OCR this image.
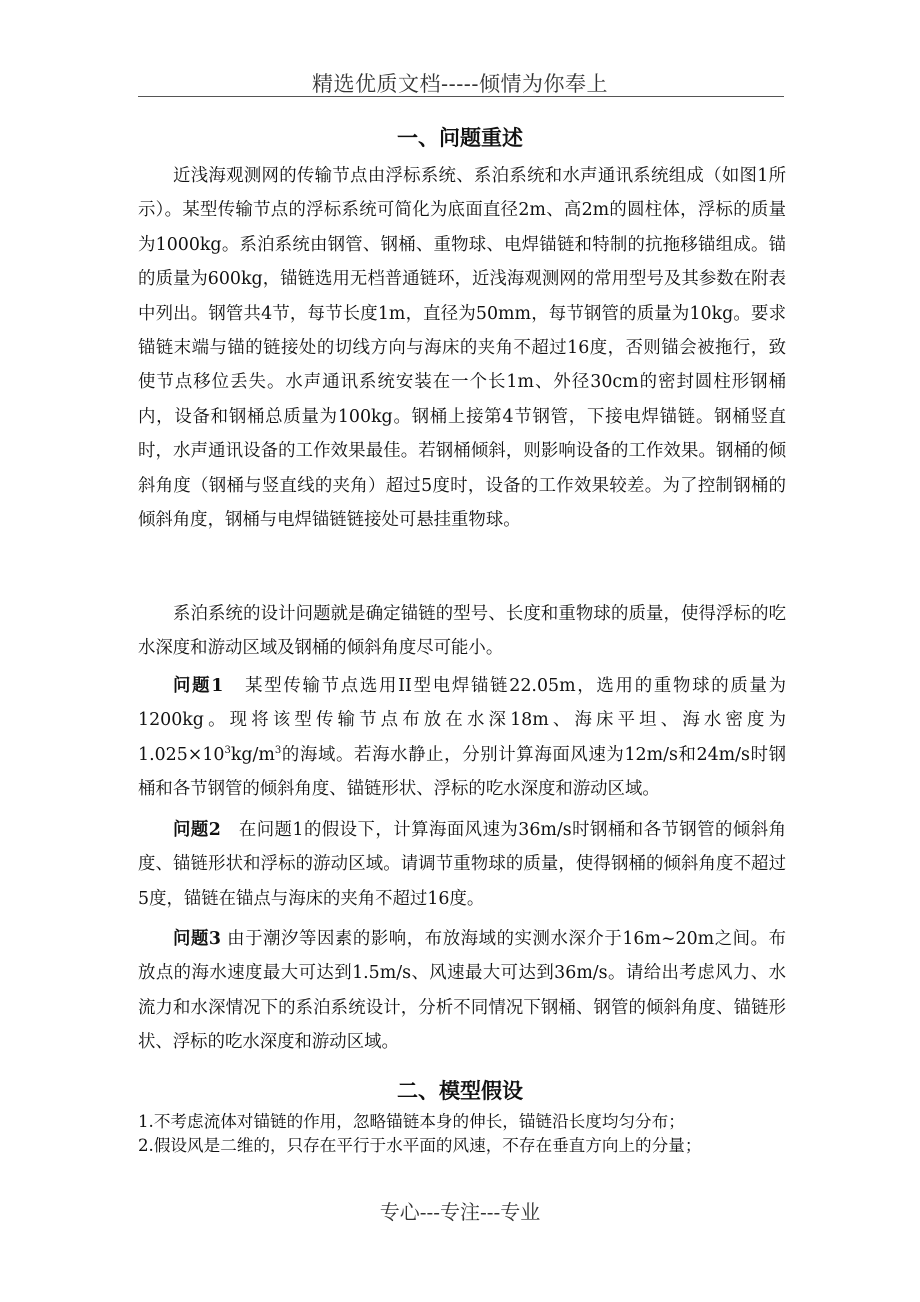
精选优质文档-----倾情为你奉上
一、问题重述

近浅海观测网的传输节点由浮标系统、系泊系统和水声通讯系统组成（如图1所示）。某型传输节点的浮标系统可简化为底面直径2m、高2m的圆柱体，浮标的质量为1000kg。系泊系统由钢管、钢桶、重物球、电焊锚链和特制的抗拖移锚组成。锚的质量为600kg，锚链选用无档普通链环，近浅海观测网的常用型号及其参数在附表中列出。钢管共4节，每节长度1m，直径为50mm，每节钢管的质量为10kg。要求锚链末端与锚的链接处的切线方向与海床的夹角不超过16度，否则锚会被拖行，致使节点移位丢失。水声通讯系统安装在一个长1m、外径30cm的密封圆柱形钢桶内，设备和钢桶总质量为100kg。钢桶上接第4节钢管，下接电焊锚链。钢桶竖直时，水声通讯设备的工作效果最佳。若钢桶倾斜，则影响设备的工作效果。钢桶的倾斜角度（钢桶与竖直线的夹角）超过5度时，设备的工作效果较差。为了控制钢桶的倾斜角度，钢桶与电焊锚链链接处可悬挂重物球。

系泊系统的设计问题就是确定锚链的型号、长度和重物球的质量，使得浮标的吃水深度和游动区域及钢桶的倾斜角度尽可能小。

问题1 某型传输节点选用II型电焊锚链22.05m，选用的重物球的质量为1200kg。现将该型传输节点布放在水深18m、海床平坦、海水密度为$1.025\times 10^3kg/m^3$的海域。若海水静止，分别计算海面风速为12m/s和24m/s时钢桶和各节钢管的倾斜角度、锚链形状、浮标的吃水深度和游动区域。

问题2 在问题1的假设下，计算海面风速为36m/s时钢桶和各节钢管的倾斜角度、锚链形状和浮标的游动区域。请调节重物球的质量，使得钢桶的倾斜角度不超过5度，锚链在锚点与海床的夹角不超过16度。

问题3 由于潮汐等因素的影响，布放海域的实测水深介于16m~20m之间。布放点的海水速度最大可达到1.5m/s、风速最大可达到36m/s。请给出考虑风力、水流力和水深情况下的系泊系统设计，分析不同情况下钢桶、钢管的倾斜角度、锚链形状、浮标的吃水深度和游动区域。

二、模型假设
1.不考虑流体对锚链的作用，忽略锚链本身的伸长，锚链沿长度均匀分布；
2.假设风是二维的，只存在平行于水平面的风速，不存在垂直方向上的分量；
专心---专注---专业
